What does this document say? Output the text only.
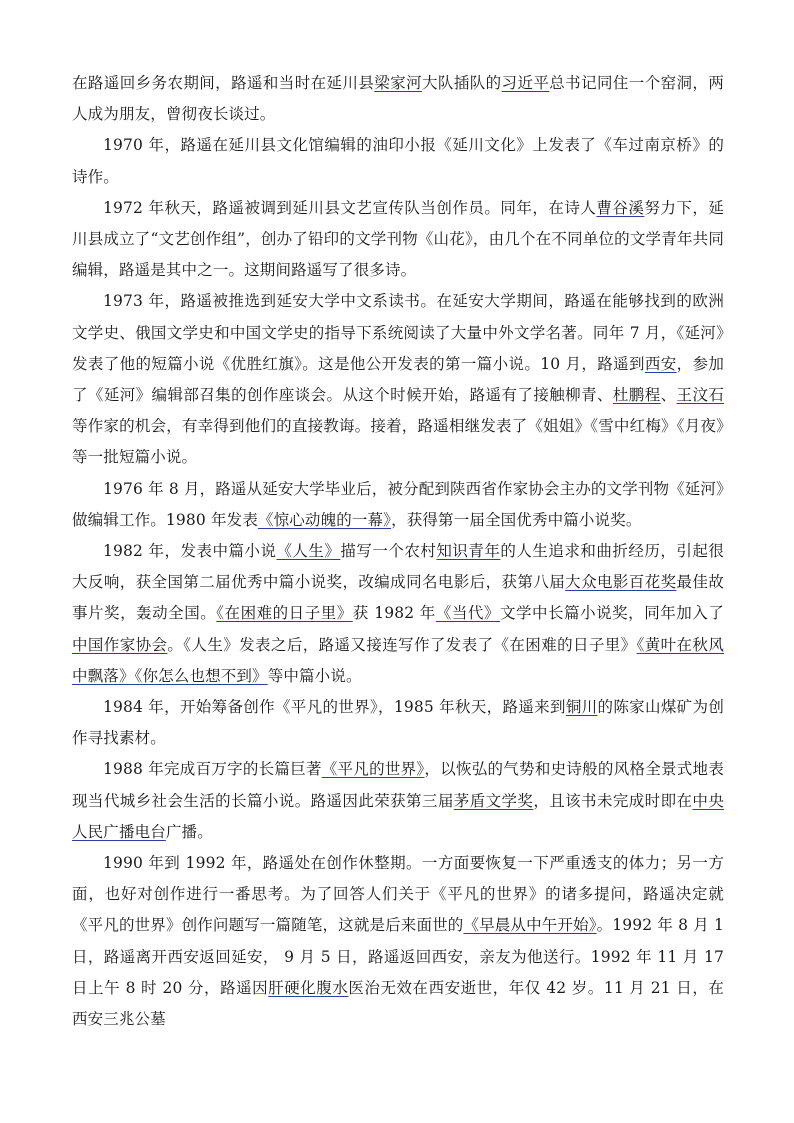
在路遥回乡务农期间，路遥和当时在延川县梁家河大队插队的习近平总书记同住一个窑洞，两人成为朋友，曾彻夜长谈过。

1970 年，路遥在延川县文化馆编辑的油印小报《延川文化》上发表了《车过南京桥》的诗作。

1972 年秋天，路遥被调到延川县文艺宣传队当创作员。同年，在诗人曹谷溪努力下，延川县成立了“文艺创作组”，创办了铅印的文学刊物《山花》，由几个在不同单位的文学青年共同编辑，路遥是其中之一。这期间路遥写了很多诗。

1973 年，路遥被推选到延安大学中文系读书。在延安大学期间，路遥在能够找到的欧洲文学史、俄国文学史和中国文学史的指导下系统阅读了大量中外文学名著。同年 7 月，《延河》发表了他的短篇小说《优胜红旗》。这是他公开发表的第一篇小说。10 月，路遥到西安，参加了《延河》编辑部召集的创作座谈会。从这个时候开始，路遥有了接触柳青、杜鹏程、王汶石等作家的机会，有幸得到他们的直接教诲。接着，路遥相继发表了《姐姐》《雪中红梅》《月夜》等一批短篇小说。

1976 年 8 月，路遥从延安大学毕业后，被分配到陕西省作家协会主办的文学刊物《延河》做编辑工作。1980 年发表《惊心动魄的一幕》，获得第一届全国优秀中篇小说奖。

1982 年，发表中篇小说《人生》描写一个农村知识青年的人生追求和曲折经历，引起很大反响，获全国第二届优秀中篇小说奖，改编成同名电影后，获第八届大众电影百花奖最佳故事片奖，轰动全国。《在困难的日子里》获 1982 年《当代》文学中长篇小说奖，同年加入了中国作家协会。《人生》发表之后，路遥又接连写作了发表了《在困难的日子里》《黄叶在秋风中飘落》《你怎么也想不到》等中篇小说。

1984 年，开始筹备创作《平凡的世界》，1985 年秋天，路遥来到铜川的陈家山煤矿为创作寻找素材。

1988 年完成百万字的长篇巨著《平凡的世界》，以恢弘的气势和史诗般的风格全景式地表现当代城乡社会生活的长篇小说。路遥因此荣获第三届茅盾文学奖，且该书未完成时即在中央人民广播电台广播。

1990 年到 1992 年，路遥处在创作休整期。一方面要恢复一下严重透支的体力；另一方面，也好对创作进行一番思考。为了回答人们关于《平凡的世界》的诸多提问，路遥决定就《平凡的世界》创作问题写一篇随笔，这就是后来面世的《早晨从中午开始》。1992 年 8 月 1 日，路遥离开西安返回延安， 9 月 5 日，路遥返回西安，亲友为他送行。1992 年 11 月 17 日上午 8 时 20 分，路遥因肝硬化腹水医治无效在西安逝世，年仅 42 岁。11 月 21 日，在西安三兆公墓
